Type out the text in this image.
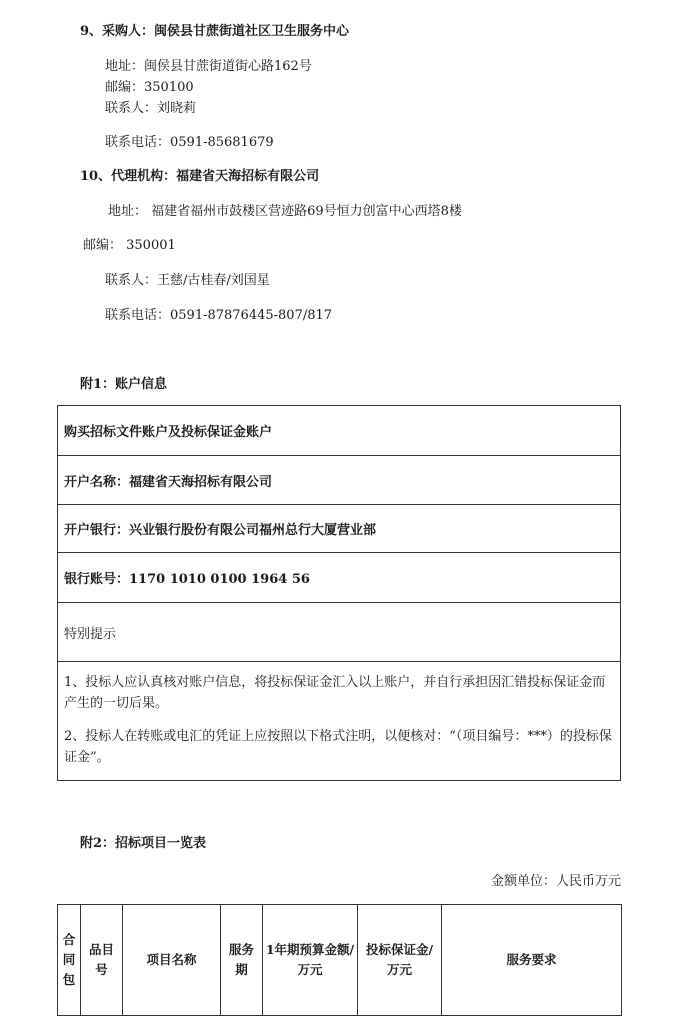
9、采购人：闽侯县甘蔗街道社区卫生服务中心
地址：闽侯县甘蔗街道街心路162号
邮编：350100
联系人：刘晓莉
联系电话：0591-85681679
10、代理机构：福建省天海招标有限公司
地址： 福建省福州市鼓楼区营迹路69号恒力创富中心西塔8楼
邮编： 350001
联系人：王慈/古桂春/刘国星
联系电话：0591-87876445-807/817
附1：账户信息
购买招标文件账户及投标保证金账户
开户名称：福建省天海招标有限公司
开户银行：兴业银行股份有限公司福州总行大厦营业部
银行账号：1170 1010 0100 1964 56
特别提示

1、投标人应认真核对账户信息，将投标保证金汇入以上账户，并自行承担因汇错投标保证金而产生的一切后果。

2、投标人在转账或电汇的凭证上应按照以下格式注明，以便核对：“（项目编号：***）的投标保证金”。

附2：招标项目一览表
金额单位：人民币万元
合同包	品目号	项目名称	服务期	1年期预算金额/万元	投标保证金/万元	服务要求
